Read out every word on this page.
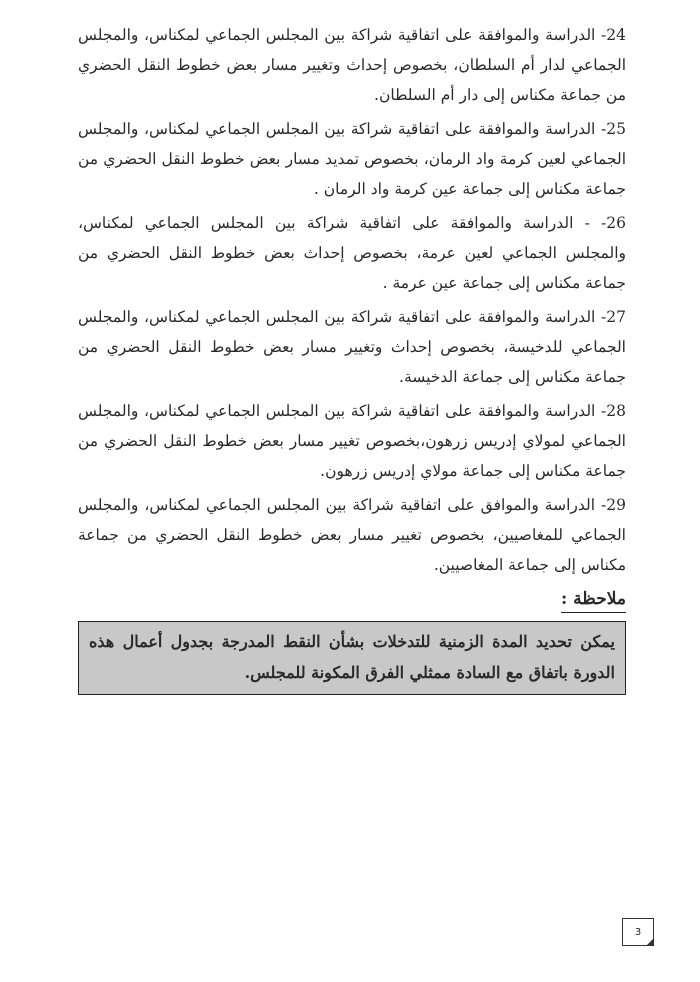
24- الدراسة والموافقة على اتفاقية شراكة بين المجلس الجماعي لمكناس، والمجلس الجماعي لدار أم السلطان، بخصوص إحداث وتغيير مسار بعض خطوط النقل الحضري من جماعة مكناس إلى دار أم السلطان.

25- الدراسة والموافقة على اتفاقية شراكة بين المجلس الجماعي لمكناس، والمجلس الجماعي لعين كرمة واد الرمان، بخصوص تمديد مسار بعض خطوط النقل الحضري من جماعة مكناس إلى جماعة عين كرمة واد الرمان .

26- - الدراسة والموافقة على اتفاقية شراكة بين المجلس الجماعي لمكناس، والمجلس الجماعي لعين عرمة، بخصوص إحداث بعض خطوط النقل الحضري من جماعة مكناس إلى جماعة عين عرمة .

27- الدراسة والموافقة على اتفاقية شراكة بين المجلس الجماعي لمكناس، والمجلس الجماعي للدخيسة، بخصوص إحداث وتغيير مسار بعض خطوط النقل الحضري من جماعة مكناس إلى جماعة الدخيسة.

28- الدراسة والموافقة على اتفاقية شراكة بين المجلس الجماعي لمكناس، والمجلس الجماعي لمولاي إدريس زرهون،بخصوص تغيير مسار بعض خطوط النقل الحضري من جماعة مكناس إلى جماعة مولاي إدريس زرهون.

29- الدراسة والموافق على اتفاقية شراكة بين المجلس الجماعي لمكناس، والمجلس الجماعي للمغاصيين، بخصوص تغيير مسار بعض خطوط النقل الحضري من جماعة مكناس إلى جماعة المغاصيين.

ملاحظة :
يمكن تحديد المدة الزمنية للتدخلات بشأن النقط المدرجة بجدول أعمال هذه الدورة باتفاق مع السادة ممثلي الفرق المكونة للمجلس.
3
